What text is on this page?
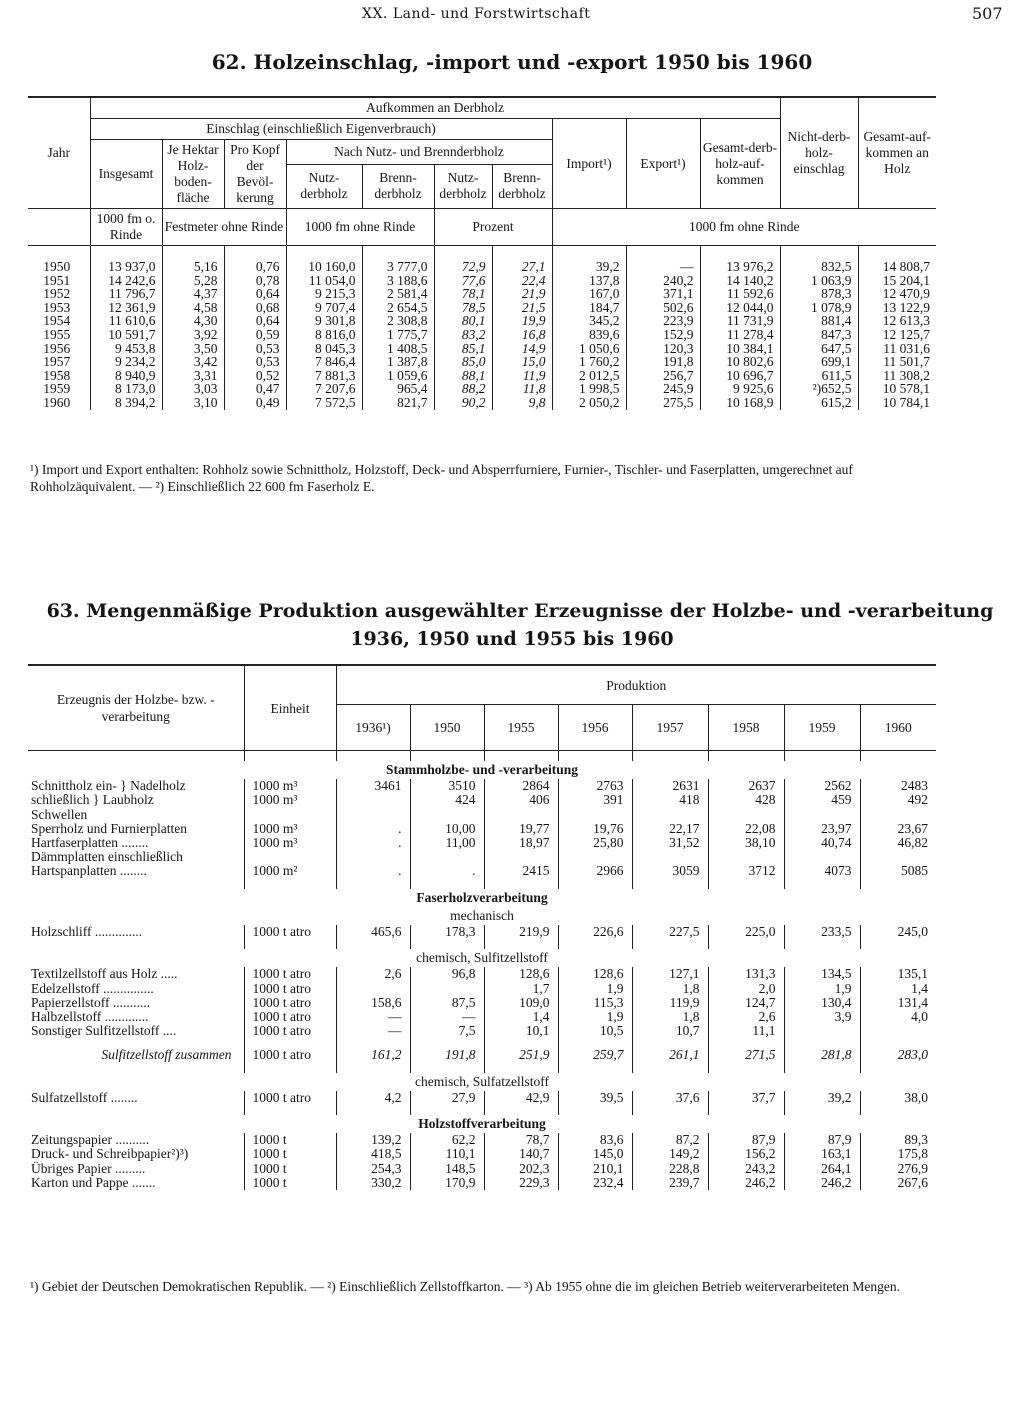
XX. Land- und Forstwirtschaft	507
62. Holzeinschlag, -import und -export 1950 bis 1960
Jahr	Aufkommen an Derbholz										Nicht-derb-holz-einschlag	Gesamt-auf-kommen an Holz
	Einschlag (einschließlich Eigenverbrauch)							Import¹)	Export¹)	Gesamt-derb-holz-auf-kommen		
	Insgesamt	Je Hektar Holz-boden-fläche	Pro Kopf der Bevöl-kerung	Nach Nutz- und Brennderbholz								
				Nutz-derbholz	Brenn-derbholz	Nutz-derbholz	Brenn-derbholz					
	1000 fm o. Rinde	Festmeter ohne Rinde		1000 fm ohne Rinde		Prozent		1000 fm ohne Rinde				

1950	13 937,0	5,16	0,76	10 160,0	3 777,0	72,9	27,1	39,2	—	13 976,2	832,5	14 808,7
1951	14 242,6	5,28	0,78	11 054,0	3 188,6	77,6	22,4	137,8	240,2	14 140,2	1 063,9	15 204,1
1952	11 796,7	4,37	0,64	9 215,3	2 581,4	78,1	21,9	167,0	371,1	11 592,6	878,3	12 470,9
1953	12 361,9	4,58	0,68	9 707,4	2 654,5	78,5	21,5	184,7	502,6	12 044,0	1 078,9	13 122,9
1954	11 610,6	4,30	0,64	9 301,8	2 308,8	80,1	19,9	345,2	223,9	11 731,9	881,4	12 613,3
1955	10 591,7	3,92	0,59	8 816,0	1 775,7	83,2	16,8	839,6	152,9	11 278,4	847,3	12 125,7
1956	9 453,8	3,50	0,53	8 045,3	1 408,5	85,1	14,9	1 050,6	120,3	10 384,1	647,5	11 031,6
1957	9 234,2	3,42	0,53	7 846,4	1 387,8	85,0	15,0	1 760,2	191,8	10 802,6	699,1	11 501,7
1958	8 940,9	3,31	0,52	7 881,3	1 059,6	88,1	11,9	2 012,5	256,7	10 696,7	611,5	11 308,2
1959	8 173,0	3,03	0,47	7 207,6	965,4	88,2	11,8	1 998,5	245,9	9 925,6	²)652,5	10 578,1
1960	8 394,2	3,10	0,49	7 572,5	821,7	90,2	9,8	2 050,2	275,5	10 168,9	615,2	10 784,1
¹) Import und Export enthalten: Rohholz sowie Schnittholz, Holzstoff, Deck- und Absperrfurniere, Furnier-, Tischler- und Faserplatten, umgerechnet auf Rohholzäquivalent. — ²) Einschließlich 22 600 fm Faserholz E.
63. Mengenmäßige Produktion ausgewählter Erzeugnisse der Holzbe- und -verarbeitung
1936, 1950 und 1955 bis 1960
Erzeugnis der Holzbe- bzw. -verarbeitung	Einheit	Produktion							
		1936¹)	1950	1955	1956	1957	1958	1959	1960

Stammholzbe- und -verarbeitung									
Schnittholz ein- } Nadelholz	1000 m³	3461	3510	2864	2763	2631	2637	2562	2483
schließlich } Laubholz	1000 m³		424	406	391	418	428	459	492
Schwellen									
Sperrholz und Furnierplatten	1000 m³	.	10,00	19,77	19,76	22,17	22,08	23,97	23,67
Hartfaserplatten ........	1000 m³	.	11,00	18,97	25,80	31,52	38,10	40,74	46,82
Dämmplatten einschließlich									
Hartspanplatten ........	1000 m²	.	.	2415	2966	3059	3712	4073	5085

Faserholzverarbeitung									
mechanisch									
Holzschliff ..............	1000 t atro	465,6	178,3	219,9	226,6	227,5	225,0	233,5	245,0

chemisch, Sulfitzellstoff									
Textilzellstoff aus Holz .....	1000 t atro	2,6	96,8	128,6	128,6	127,1	131,3	134,5	135,1
Edelzellstoff ...............	1000 t atro			1,7	1,9	1,8	2,0	1,9	1,4
Papierzellstoff ...........	1000 t atro	158,6	87,5	109,0	115,3	119,9	124,7	130,4	131,4
Halbzellstoff .............	1000 t atro	—	—	1,4	1,9	1,8	2,6	3,9	4,0
Sonstiger Sulfitzellstoff ....	1000 t atro	—	7,5	10,1	10,5	10,7	11,1		

Sulfitzellstoff zusammen	1000 t atro	161,2	191,8	251,9	259,7	261,1	271,5	281,8	283,0

chemisch, Sulfatzellstoff									
Sulfatzellstoff ........	1000 t atro	4,2	27,9	42,9	39,5	37,6	37,7	39,2	38,0

Holzstoffverarbeitung									
Zeitungspapier ..........	1000 t	139,2	62,2	78,7	83,6	87,2	87,9	87,9	89,3
Druck- und Schreibpapier²)³)	1000 t	418,5	110,1	140,7	145,0	149,2	156,2	163,1	175,8
Übriges Papier .........	1000 t	254,3	148,5	202,3	210,1	228,8	243,2	264,1	276,9
Karton und Pappe .......	1000 t	330,2	170,9	229,3	232,4	239,7	246,2	246,2	267,6
¹) Gebiet der Deutschen Demokratischen Republik. — ²) Einschließlich Zellstoffkarton. — ³) Ab 1955 ohne die im gleichen Betrieb weiterverarbeiteten Mengen.
